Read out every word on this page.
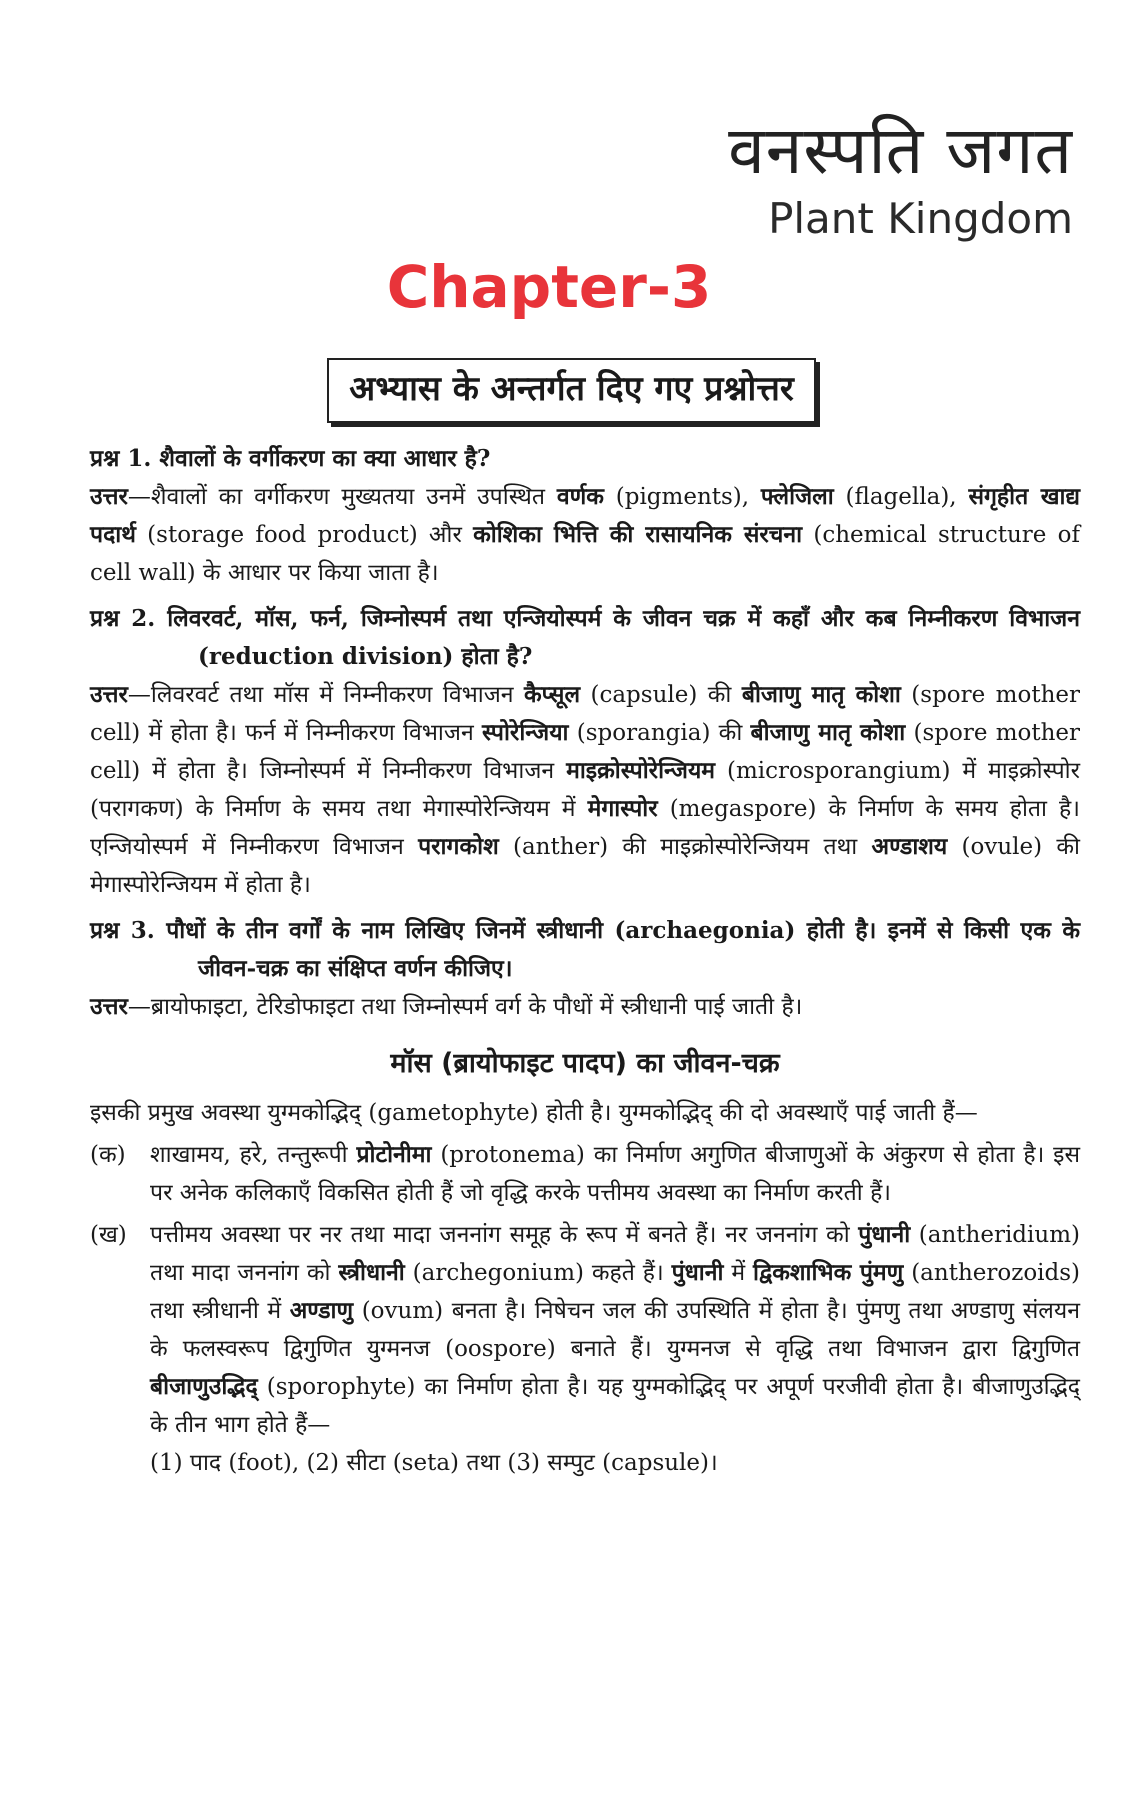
वनस्पति जगत
Plant Kingdom
Chapter-3
अभ्यास के अन्तर्गत दिए गए प्रश्नोत्तर

प्रश्न 1. शैवालों के वर्गीकरण का क्या आधार है?

उत्तर—शैवालों का वर्गीकरण मुख्यतया उनमें उपस्थित वर्णक (pigments), फ्लेजिला (flagella), संगृहीत खाद्य पदार्थ (storage food product) और कोशिका भित्ति की रासायनिक संरचना (chemical structure of cell wall) के आधार पर किया जाता है।

प्रश्न 2. लिवरवर्ट, मॉस, फर्न, जिम्नोस्पर्म तथा एन्जियोस्पर्म के जीवन चक्र में कहाँ और कब निम्नीकरण विभाजन (reduction division) होता है?

उत्तर—लिवरवर्ट तथा मॉस में निम्नीकरण विभाजन कैप्सूल (capsule) की बीजाणु मातृ कोशा (spore mother cell) में होता है। फर्न में निम्नीकरण विभाजन स्पोरेन्जिया (sporangia) की बीजाणु मातृ कोशा (spore mother cell) में होता है। जिम्नोस्पर्म में निम्नीकरण विभाजन माइक्रोस्पोरेन्जियम (microsporangium) में माइक्रोस्पोर (परागकण) के निर्माण के समय तथा मेगास्पोरेन्जियम में मेगास्पोर (megaspore) के निर्माण के समय होता है। एन्जियोस्पर्म में निम्नीकरण विभाजन परागकोश (anther) की माइक्रोस्पोरेन्जियम तथा अण्डाशय (ovule) की मेगास्पोरेन्जियम में होता है।

प्रश्न 3. पौधों के तीन वर्गों के नाम लिखिए जिनमें स्त्रीधानी (archaegonia) होती है। इनमें से किसी एक के जीवन-चक्र का संक्षिप्त वर्णन कीजिए।

उत्तर—ब्रायोफाइटा, टेरिडोफाइटा तथा जिम्नोस्पर्म वर्ग के पौधों में स्त्रीधानी पाई जाती है।

मॉस (ब्रायोफाइट पादप) का जीवन-चक्र

इसकी प्रमुख अवस्था युग्मकोद्भिद् (gametophyte) होती है। युग्मकोद्भिद् की दो अवस्थाएँ पाई जाती हैं—

(क) शाखामय, हरे, तन्तुरूपी प्रोटोनीमा (protonema) का निर्माण अगुणित बीजाणुओं के अंकुरण से होता है। इस पर अनेक कलिकाएँ विकसित होती हैं जो वृद्धि करके पत्तीमय अवस्था का निर्माण करती हैं।

(ख) पत्तीमय अवस्था पर नर तथा मादा जननांग समूह के रूप में बनते हैं। नर जननांग को पुंधानी (antheridium) तथा मादा जननांग को स्त्रीधानी (archegonium) कहते हैं। पुंधानी में द्विकशाभिक पुंमणु (antherozoids) तथा स्त्रीधानी में अण्डाणु (ovum) बनता है। निषेचन जल की उपस्थिति में होता है। पुंमणु तथा अण्डाणु संलयन के फलस्वरूप द्विगुणित युग्मनज (oospore) बनाते हैं। युग्मनज से वृद्धि तथा विभाजन द्वारा द्विगुणित बीजाणुउद्भिद् (sporophyte) का निर्माण होता है। यह युग्मकोद्भिद् पर अपूर्ण परजीवी होता है। बीजाणुउद्भिद् के तीन भाग होते हैं—

(1) पाद (foot), (2) सीटा (seta) तथा (3) सम्पुट (capsule)।
